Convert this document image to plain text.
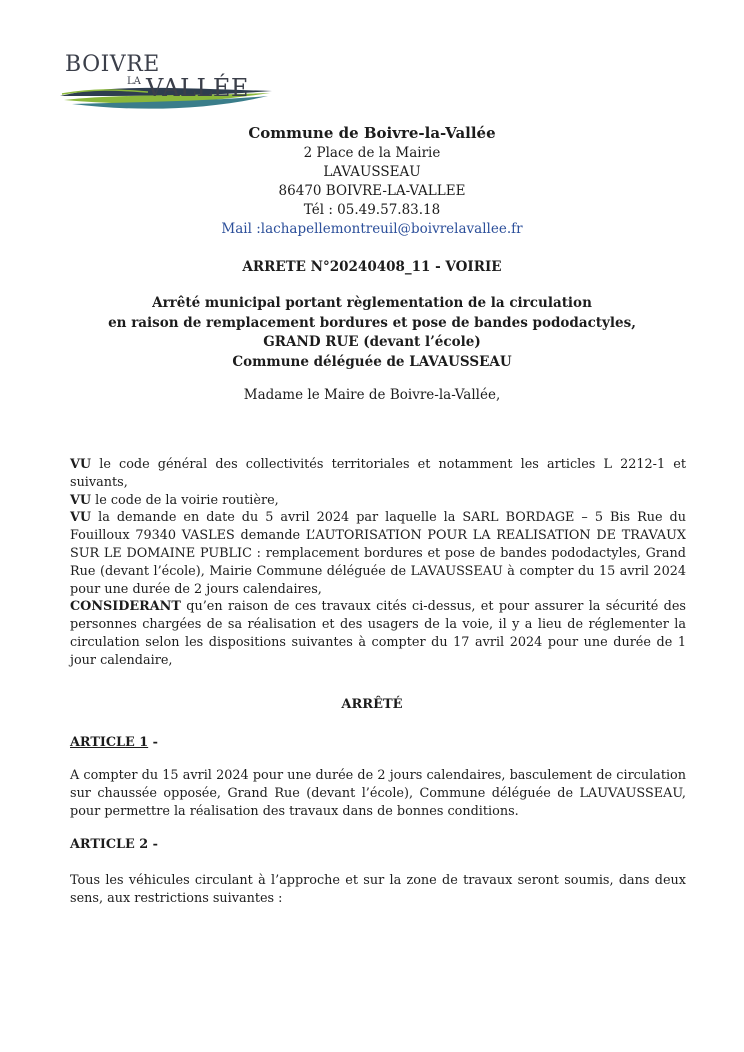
BOIVRE
LA VALLÉE
Commune de Boivre-la-Vallée
2 Place de la Mairie
LAVAUSSEAU
86470 BOIVRE-LA-VALLEE
Tél : 05.49.57.83.18
Mail :lachapellemontreuil@boivrelavallee.fr
ARRETE N°20240408_11 - VOIRIE
Arrêté municipal portant règlementation de la circulation
en raison de remplacement bordures et pose de bandes pododactyles,
GRAND RUE (devant l’école)
Commune déléguée de LAVAUSSEAU
Madame le Maire de Boivre-la-Vallée,

VU le code général des collectivités territoriales et notamment les articles L 2212-1 et suivants,

VU le code de la voirie routière,

VU la demande en date du 5 avril 2024 par laquelle la SARL BORDAGE – 5 Bis Rue du Fouilloux 79340 VASLES demande L’AUTORISATION POUR LA REALISATION DE TRAVAUX SUR LE DOMAINE PUBLIC : remplacement bordures et pose de bandes pododactyles, Grand Rue (devant l’école), Mairie Commune déléguée de LAVAUSSEAU à compter du 15 avril 2024 pour une durée de 2 jours calendaires,

CONSIDERANT qu’en raison de ces travaux cités ci-dessus, et pour assurer la sécurité des personnes chargées de sa réalisation et des usagers de la voie, il y a lieu de réglementer la circulation selon les dispositions suivantes à compter du 17 avril 2024 pour une durée de 1 jour calendaire,

ARRÊTÉ
ARTICLE 1 -
A compter du 15 avril 2024 pour une durée de 2 jours calendaires, basculement de circulation sur chaussée opposée, Grand Rue (devant l’école), Commune déléguée de LAUVAUSSEAU, pour permettre la réalisation des travaux dans de bonnes conditions.
ARTICLE 2 -
Tous les véhicules circulant à l’approche et sur la zone de travaux seront soumis, dans deux sens, aux restrictions suivantes :
